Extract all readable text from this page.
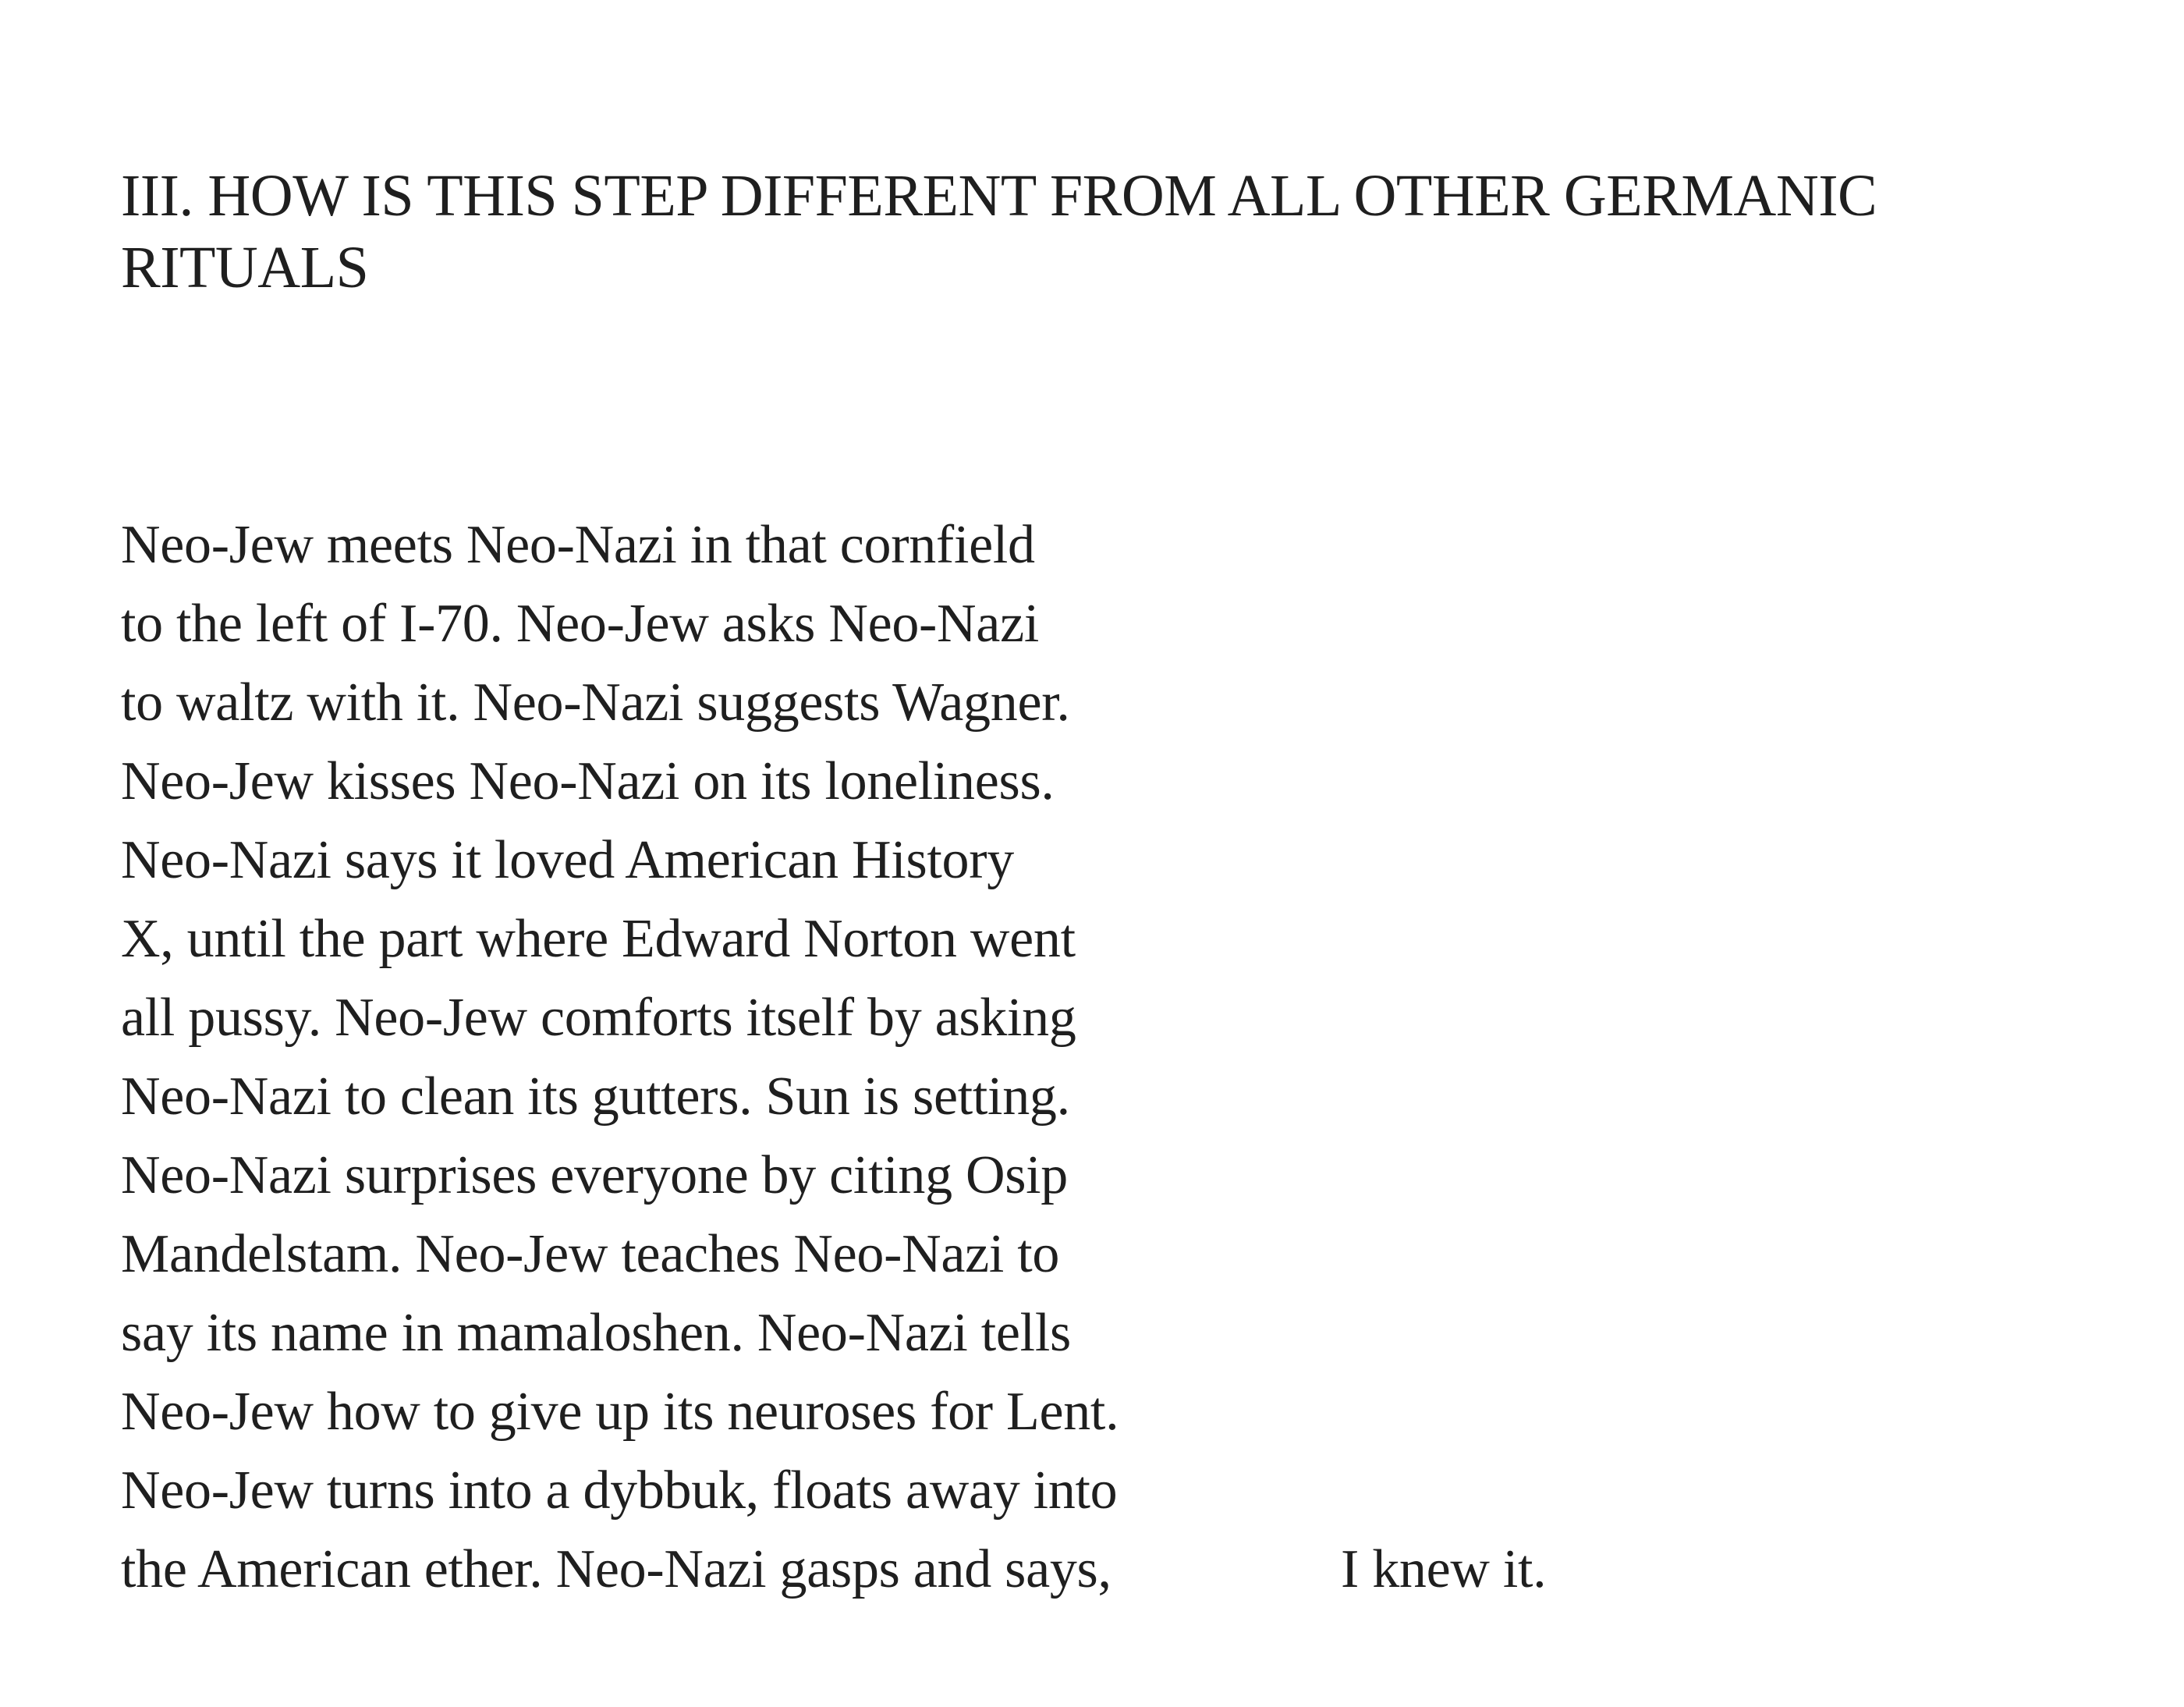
III. HOW IS THIS STEP DIFFERENT FROM ALL OTHER GERMANIC
RITUALS
Neo-Jew meets Neo-Nazi in that cornfield
to the left of I-70. Neo-Jew asks Neo-Nazi
to waltz with it. Neo-Nazi suggests Wagner.
Neo-Jew kisses Neo-Nazi on its loneliness.
Neo-Nazi says it loved American History
X, until the part where Edward Norton went
all pussy. Neo-Jew comforts itself by asking
Neo-Nazi to clean its gutters. Sun is setting.
Neo-Nazi surprises everyone by citing Osip
Mandelstam. Neo-Jew teaches Neo-Nazi to
say its name in mamaloshen. Neo-Nazi tells
Neo-Jew how to give up its neuroses for Lent.
Neo-Jew turns into a dybbuk, floats away into
the American ether. Neo-Nazi gasps and says,	I knew it.
